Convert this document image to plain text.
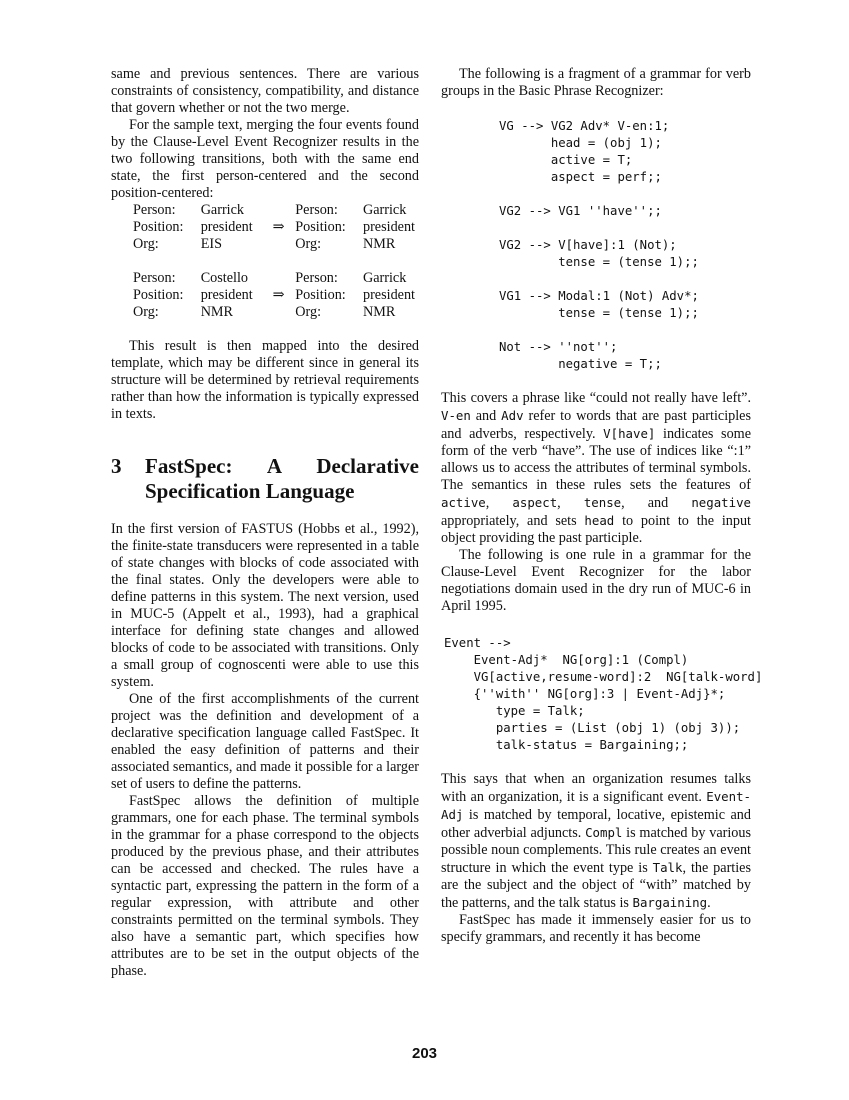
same and previous sentences. There are various constraints of consistency, compatibility, and distance that govern whether or not the two merge.

For the sample text, merging the four events found by the Clause-Level Event Recognizer results in the two following transitions, both with the same end state, the first person-centered and the second position-centered:

Person:	Garrick		Person:	Garrick
Position:	president	⇒	Position:	president
Org:	EIS		Org:	NMR
Person:	Costello		Person:	Garrick
Position:	president	⇒	Position:	president
Org:	NMR		Org:	NMR

This result is then mapped into the desired template, which may be different since in general its structure will be determined by retrieval requirements rather than how the information is typically expressed in texts.

3 FastSpec: A Declarative
Specification Language

In the first version of FASTUS (Hobbs et al., 1992), the finite-state transducers were represented in a table of state changes with blocks of code associated with the final states. Only the developers were able to define patterns in this system. The next version, used in MUC-5 (Appelt et al., 1993), had a graphical interface for defining state changes and allowed blocks of code to be associated with transitions. Only a small group of cognoscenti were able to use this system.

One of the first accomplishments of the current project was the definition and development of a declarative specification language called FastSpec. It enabled the easy definition of patterns and their associated semantics, and made it possible for a larger set of users to define the patterns.

FastSpec allows the definition of multiple grammars, one for each phase. The terminal symbols in the grammar for a phase correspond to the objects produced by the previous phase, and their attributes can be accessed and checked. The rules have a syntactic part, expressing the pattern in the form of a regular expression, with attribute and other constraints permitted on the terminal symbols. They also have a semantic part, which specifies how attributes are to be set in the output objects of the phase.

The following is a fragment of a grammar for verb groups in the Basic Phrase Recognizer:

VG --> VG2 Adv* V-en:1;
head = (obj 1);
active = T;
aspect = perf;;

VG2 --> VG1 ''have'';;

VG2 --> V[have]:1 (Not);
tense = (tense 1);;

VG1 --> Modal:1 (Not) Adv*;
tense = (tense 1);;

Not --> ''not'';
negative = T;;

This covers a phrase like “could not really have left”. V-en and Adv refer to words that are past participles and adverbs, respectively. V[have] indicates some form of the verb “have”. The use of indices like “:1” allows us to access the attributes of terminal symbols. The semantics in these rules sets the features of active, aspect, tense, and negative appropriately, and sets head to point to the input object providing the past participle.

The following is one rule in a grammar for the Clause-Level Event Recognizer for the labor negotiations domain used in the dry run of MUC-6 in April 1995.

Event -->
Event-Adj*  NG[org]:1 (Compl)
VG[active,resume-word]:2  NG[talk-word]
{''with'' NG[org]:3 | Event-Adj}*;
type = Talk;
parties = (List (obj 1) (obj 3));
talk-status = Bargaining;;

This says that when an organization resumes talks with an organization, it is a significant event. Event-Adj is matched by temporal, locative, epistemic and other adverbial adjuncts. Compl is matched by various possible noun complements. This rule creates an event structure in which the event type is Talk, the parties are the subject and the object of “with” matched by the patterns, and the talk status is Bargaining.

FastSpec has made it immensely easier for us to specify grammars, and recently it has become

203
